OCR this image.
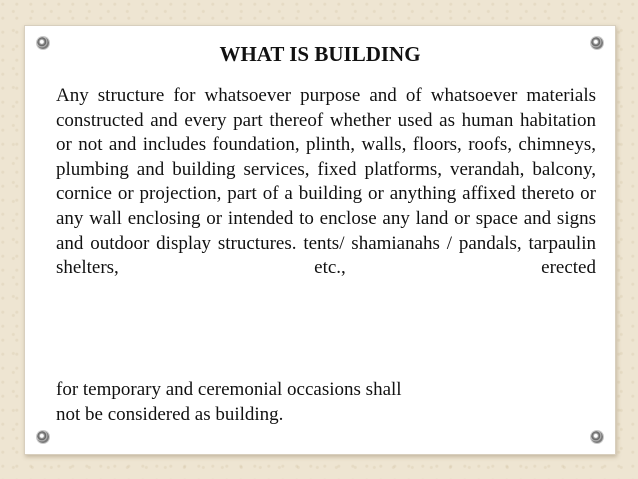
WHAT IS BUILDING
Any structure for whatsoever purpose and of whatsoever materials constructed and every part thereof whether used as human habitation or not and includes foundation, plinth, walls, floors, roofs, chimneys, plumbing and building services, fixed platforms, verandah, balcony, cornice or projection, part of a building or anything affixed thereto or any wall enclosing or intended to enclose any land or space and signs and outdoor display structures. tents/ shamianahs / pandals, tarpaulin shelters, etc., erected
for temporary and ceremonial occasions shall
not be considered as building.
